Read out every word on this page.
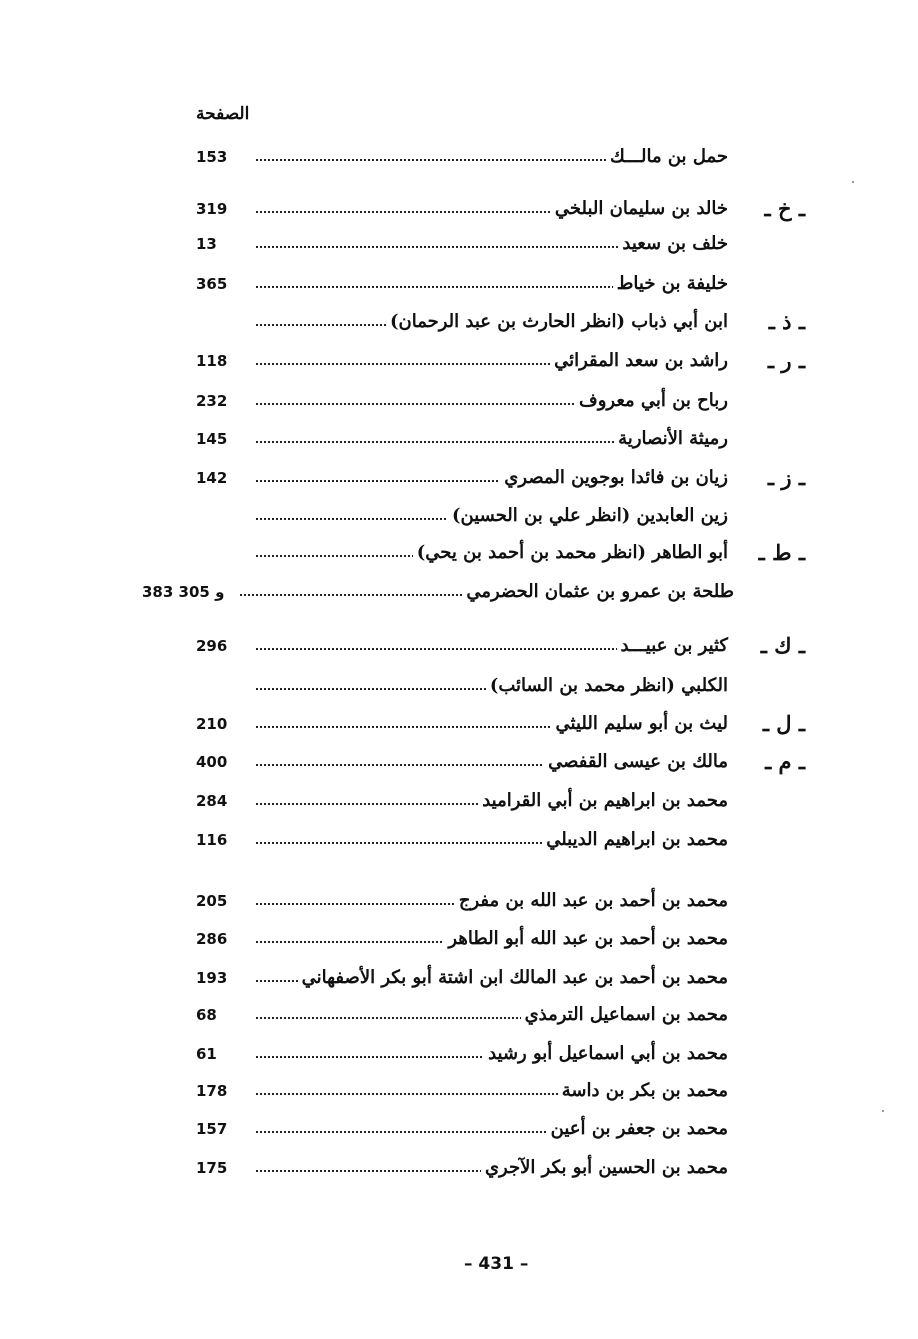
الصفحة
حمل بن مالـــك
153
ـ خ ـ
خالد بن سليمان البلخي
319
خلف بن سعيد
13
خليفة بن خياط
365
ـ ذ ـ
ابن أبي ذباب (انظر الحارث بن عبد الرحمان)
ـ ر ـ
راشد بن سعد المقرائي
118
رباح بن أبي معروف
232
رميثة الأنصارية
145
ـ ز ـ
زيان بن فائدا بوجوين المصري
142
زين العابدين (انظر علي بن الحسين)
ـ ط ـ
أبو الطاهر (انظر محمد بن أحمد بن يحي)
طلحة بن عمرو بن عثمان الحضرمي
383 و 305
ـ ك ـ
كثير بن عبيـــد
296
الكلبي (انظر محمد بن السائب)
ـ ل ـ
ليث بن أبو سليم الليثي
210
ـ م ـ
مالك بن عيسى القفصي
400
محمد بن ابراهيم بن أبي القراميد
284
محمد بن ابراهيم الديبلي
116
محمد بن أحمد بن عبد الله بن مفرج
205
محمد بن أحمد بن عبد الله أبو الطاهر
286
محمد بن أحمد بن عبد المالك ابن اشتة أبو بكر الأصفهاني
193
محمد بن اسماعيل الترمذي
68
محمد بن أبي اسماعيل أبو رشيد
61
محمد بن بكر بن داسة
178
محمد بن جعفر بن أعين
157
محمد بن الحسين أبو بكر الآجري
175
– 431 –
